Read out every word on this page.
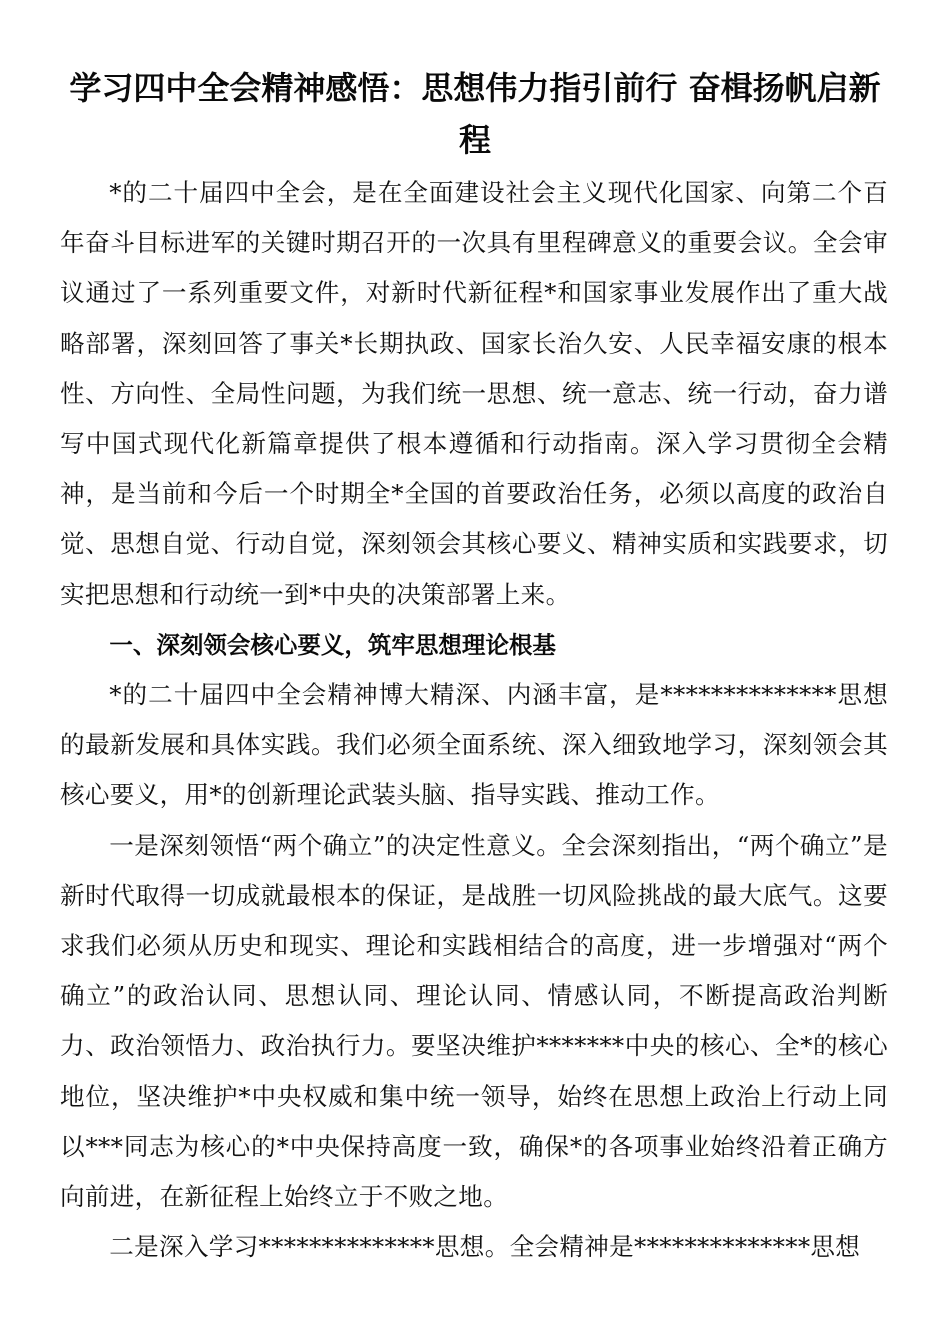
学习四中全会精神感悟：思想伟力指引前行 奋楫扬帆启新程

*的二十届四中全会，是在全面建设社会主义现代化国家、向第二个百年奋斗目标进军的关键时期召开的一次具有里程碑意义的重要会议。全会审议通过了一系列重要文件，对新时代新征程*和国家事业发展作出了重大战略部署，深刻回答了事关*长期执政、国家长治久安、人民幸福安康的根本性、方向性、全局性问题，为我们统一思想、统一意志、统一行动，奋力谱写中国式现代化新篇章提供了根本遵循和行动指南。深入学习贯彻全会精神，是当前和今后一个时期全*全国的首要政治任务，必须以高度的政治自觉、思想自觉、行动自觉，深刻领会其核心要义、精神实质和实践要求，切实把思想和行动统一到*中央的决策部署上来。

一、深刻领会核心要义，筑牢思想理论根基

*的二十届四中全会精神博大精深、内涵丰富，是**************思想的最新发展和具体实践。我们必须全面系统、深入细致地学习，深刻领会其核心要义，用*的创新理论武装头脑、指导实践、推动工作。

一是深刻领悟“两个确立”的决定性意义。全会深刻指出，“两个确立”是新时代取得一切成就最根本的保证，是战胜一切风险挑战的最大底气。这要求我们必须从历史和现实、理论和实践相结合的高度，进一步增强对“两个确立”的政治认同、思想认同、理论认同、情感认同，不断提高政治判断力、政治领悟力、政治执行力。要坚决维护*******中央的核心、全*的核心地位，坚决维护*中央权威和集中统一领导，始终在思想上政治上行动上同以***同志为核心的*中央保持高度一致，确保*的各项事业始终沿着正确方向前进，在新征程上始终立于不败之地。

二是深入学习**************思想。全会精神是**************思想
